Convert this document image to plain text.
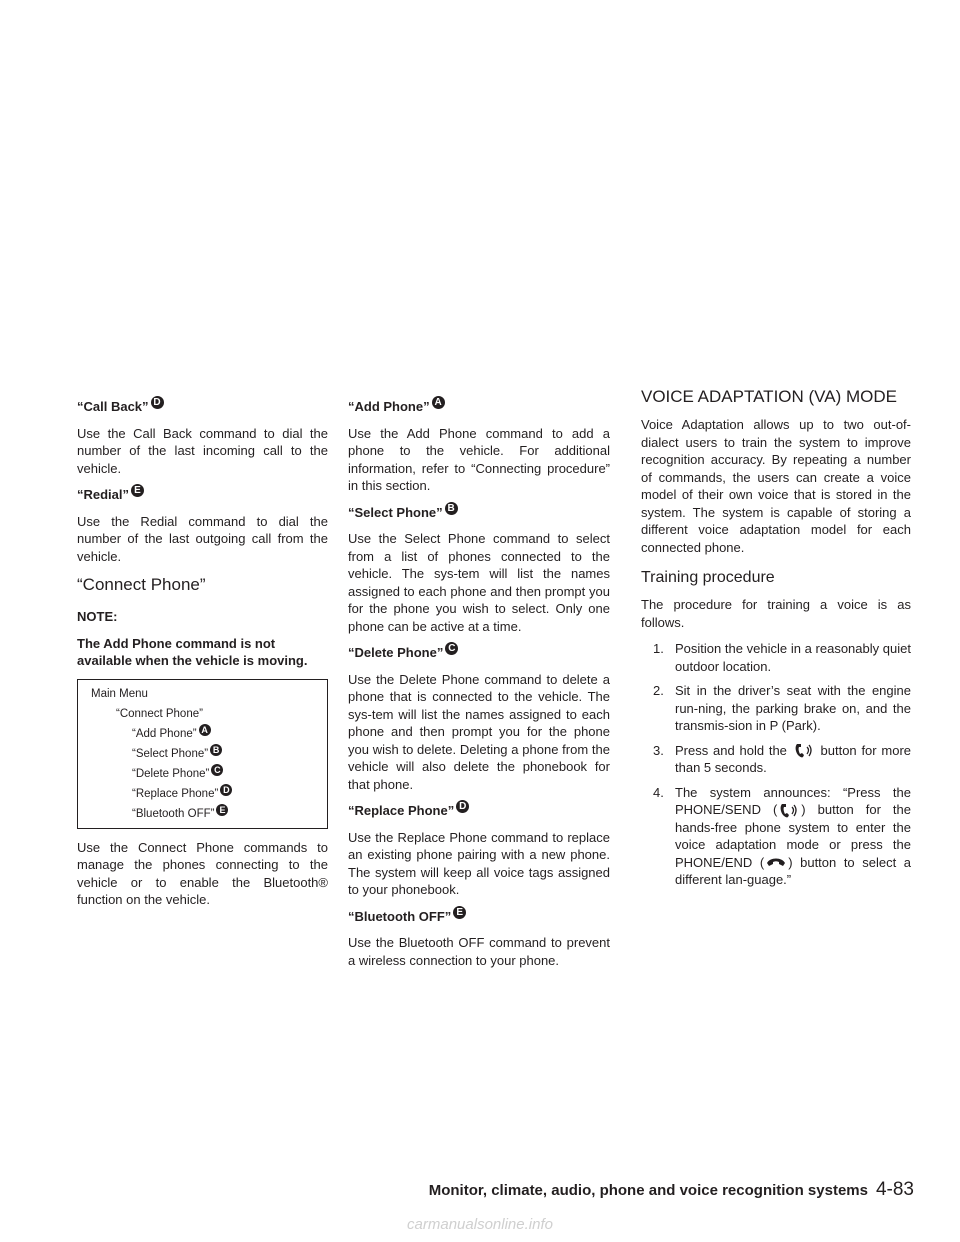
“Call Back” D

Use the Call Back command to dial the number of the last incoming call to the vehicle.

“Redial” E

Use the Redial command to dial the number of the last outgoing call from the vehicle.

“Connect Phone”

NOTE:

The Add Phone command is not available when the vehicle is moving.

Main Menu
“Connect Phone”
“Add Phone” A
“Select Phone” B
“Delete Phone” C
“Replace Phone” D
“Bluetooth OFF” E

Use the Connect Phone commands to manage the phones connecting to the vehicle or to enable the Bluetooth® function on the vehicle.

“Add Phone” A

Use the Add Phone command to add a phone to the vehicle. For additional information, refer to “Connecting procedure” in this section.

“Select Phone” B

Use the Select Phone command to select from a list of phones connected to the vehicle. The sys-tem will list the names assigned to each phone and then prompt you for the phone you wish to select. Only one phone can be active at a time.

“Delete Phone” C

Use the Delete Phone command to delete a phone that is connected to the vehicle. The sys-tem will list the names assigned to each phone and then prompt you for the phone you wish to delete. Deleting a phone from the vehicle will also delete the phonebook for that phone.

“Replace Phone” D

Use the Replace Phone command to replace an existing phone pairing with a new phone. The system will keep all voice tags assigned to your phonebook.

“Bluetooth OFF” E

Use the Bluetooth OFF command to prevent a wireless connection to your phone.

VOICE ADAPTATION (VA) MODE

Voice Adaptation allows up to two out-of-dialect users to train the system to improve recognition accuracy. By repeating a number of commands, the users can create a voice model of their own voice that is stored in the system. The system is capable of storing a different voice adaptation model for each connected phone.

Training procedure

The procedure for training a voice is as follows.

1. Position the vehicle in a reasonably quiet outdoor location.
2. Sit in the driver’s seat with the engine run-ning, the parking brake on, and the transmis-sion in P (Park).
3. Press and hold the	button for more than 5 seconds.
4. The system announces: “Press the PHONE/SEND ( ) button for the hands-free phone system to enter the voice adaptation mode or press the PHONE/END ( ) button to select a different lan-guage.”
Monitor, climate, audio, phone and voice recognition systems 4-83
carmanualsonline.info
